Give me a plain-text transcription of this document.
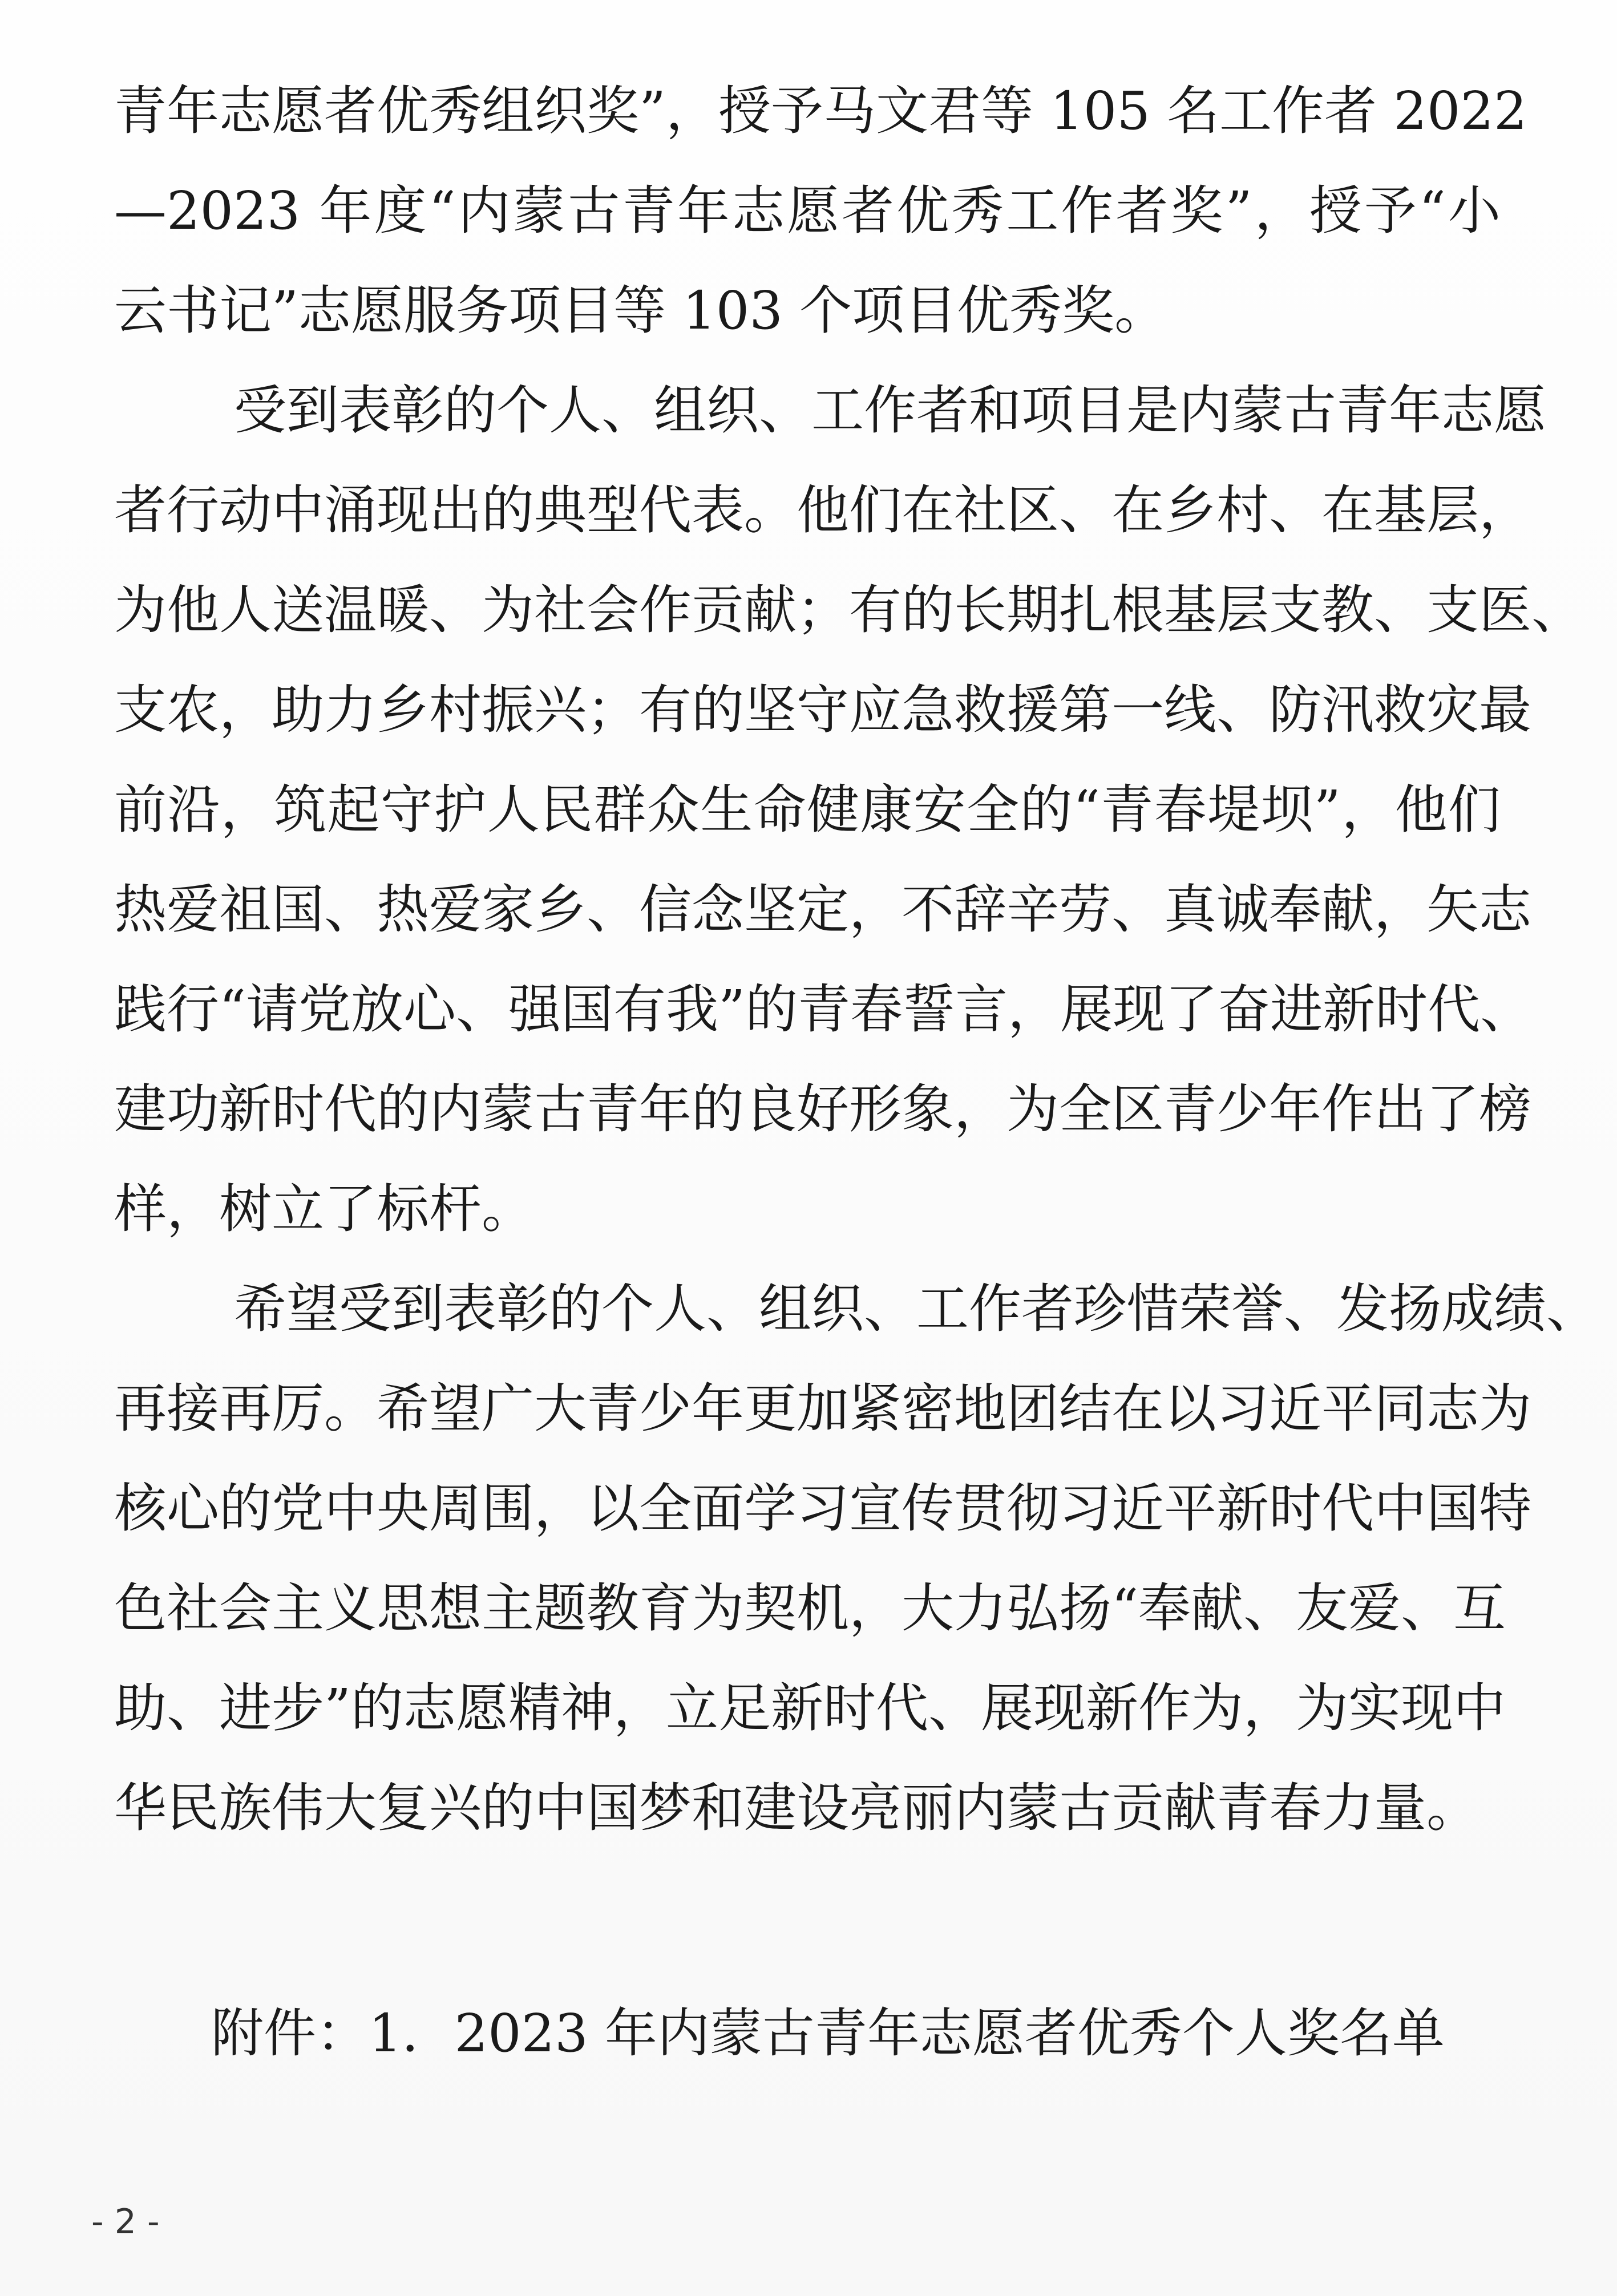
青年志愿者优秀组织奖”，授予马文君等 105 名工作者 2022
—2023 年度“内蒙古青年志愿者优秀工作者奖”，授予“小
云书记”志愿服务项目等 103 个项目优秀奖。
受到表彰的个人、组织、工作者和项目是内蒙古青年志愿
者行动中涌现出的典型代表。他们在社区、在乡村、在基层，
为他人送温暖、为社会作贡献；有的长期扎根基层支教、支医、
支农，助力乡村振兴；有的坚守应急救援第一线、防汛救灾最
前沿，筑起守护人民群众生命健康安全的“青春堤坝”，他们
热爱祖国、热爱家乡、信念坚定，不辞辛劳、真诚奉献，矢志
践行“请党放心、强国有我”的青春誓言，展现了奋进新时代、
建功新时代的内蒙古青年的良好形象，为全区青少年作出了榜
样，树立了标杆。
希望受到表彰的个人、组织、工作者珍惜荣誉、发扬成绩、
再接再厉。希望广大青少年更加紧密地团结在以习近平同志为
核心的党中央周围，以全面学习宣传贯彻习近平新时代中国特
色社会主义思想主题教育为契机，大力弘扬“奉献、友爱、互
助、进步”的志愿精神，立足新时代、展现新作为，为实现中
华民族伟大复兴的中国梦和建设亮丽内蒙古贡献青春力量。
附件：1．2023 年内蒙古青年志愿者优秀个人奖名单
- 2 -
